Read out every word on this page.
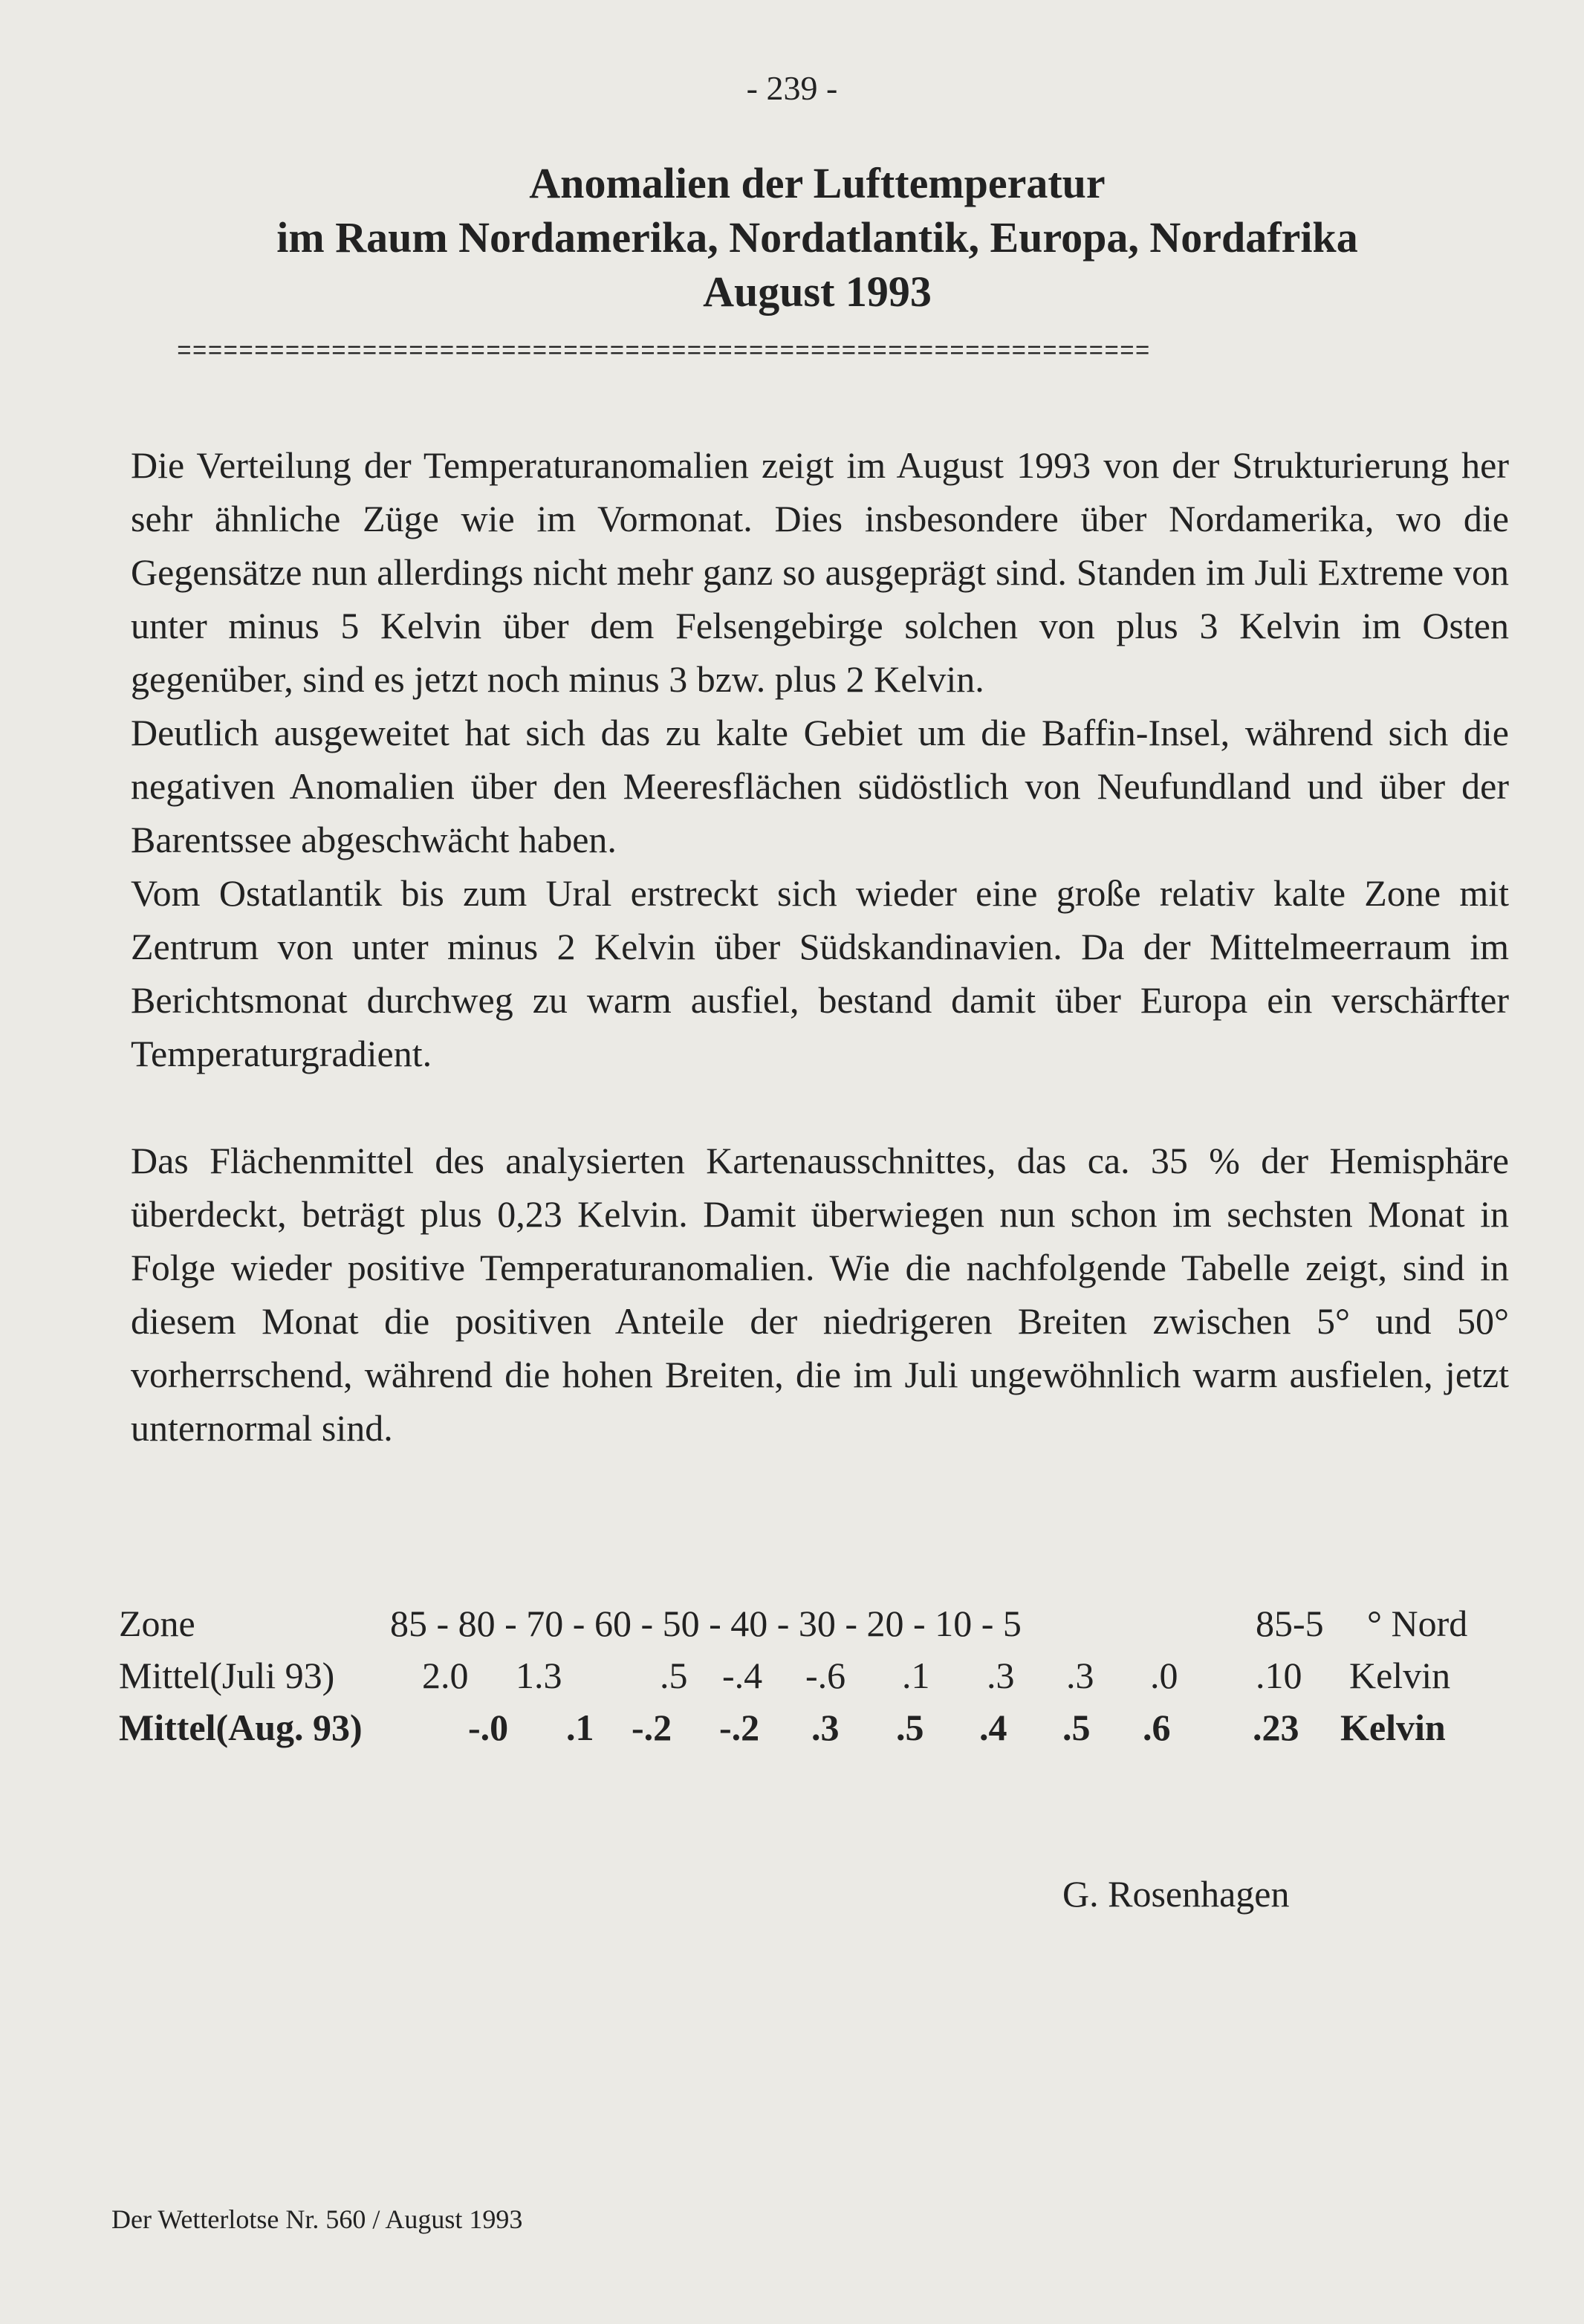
- 239 -
Anomalien der Lufttemperatur
im Raum Nordamerika, Nordatlantik, Europa, Nordafrika
August 1993
===============================================================

Die Verteilung der Temperaturanomalien zeigt im August 1993 von der Strukturierung her sehr ähnliche Züge wie im Vormonat. Dies insbesondere über Nordamerika, wo die Gegensätze nun allerdings nicht mehr ganz so ausgeprägt sind. Standen im Juli Extreme von unter minus 5 Kelvin über dem Felsengebirge solchen von plus 3 Kelvin im Osten gegenüber, sind es jetzt noch minus 3 bzw. plus 2 Kelvin.

Deutlich ausgeweitet hat sich das zu kalte Gebiet um die Baffin-Insel, während sich die negativen Anomalien über den Meeresflächen südöstlich von Neufundland und über der Barentssee abgeschwächt haben.

Vom Ostatlantik bis zum Ural erstreckt sich wieder eine große relativ kalte Zone mit Zentrum von unter minus 2 Kelvin über Südskandinavien. Da der Mittelmeerraum im Berichtsmonat durchweg zu warm ausfiel, bestand damit über Europa ein verschärfter Temperaturgradient.

Das Flächenmittel des analysierten Kartenausschnittes, das ca. 35 % der Hemisphäre überdeckt, beträgt plus 0,23 Kelvin. Damit überwiegen nun schon im sechsten Monat in Folge wieder positive Temperaturanomalien. Wie die nachfolgende Tabelle zeigt, sind in diesem Monat die positiven Anteile der niedrigeren Breiten zwischen 5° und 50° vorherrschend, während die hohen Breiten, die im Juli ungewöhnlich warm ausfielen, jetzt unternormal sind.

Zone	85 - 80 - 70 - 60 - 50 - 40 - 30 - 20 - 10 - 5	85-5 ° Nord
Mittel(Juli 93) 2.0 1.3	.5 -.4 -.6 .1 .3 .3 .0 .10 Kelvin
Mittel(Aug. 93)	-.0 .1 -.2 -.2 .3 .5 .4 .5 .6 .23 Kelvin
G. Rosenhagen
Der Wetterlotse Nr. 560 / August 1993
